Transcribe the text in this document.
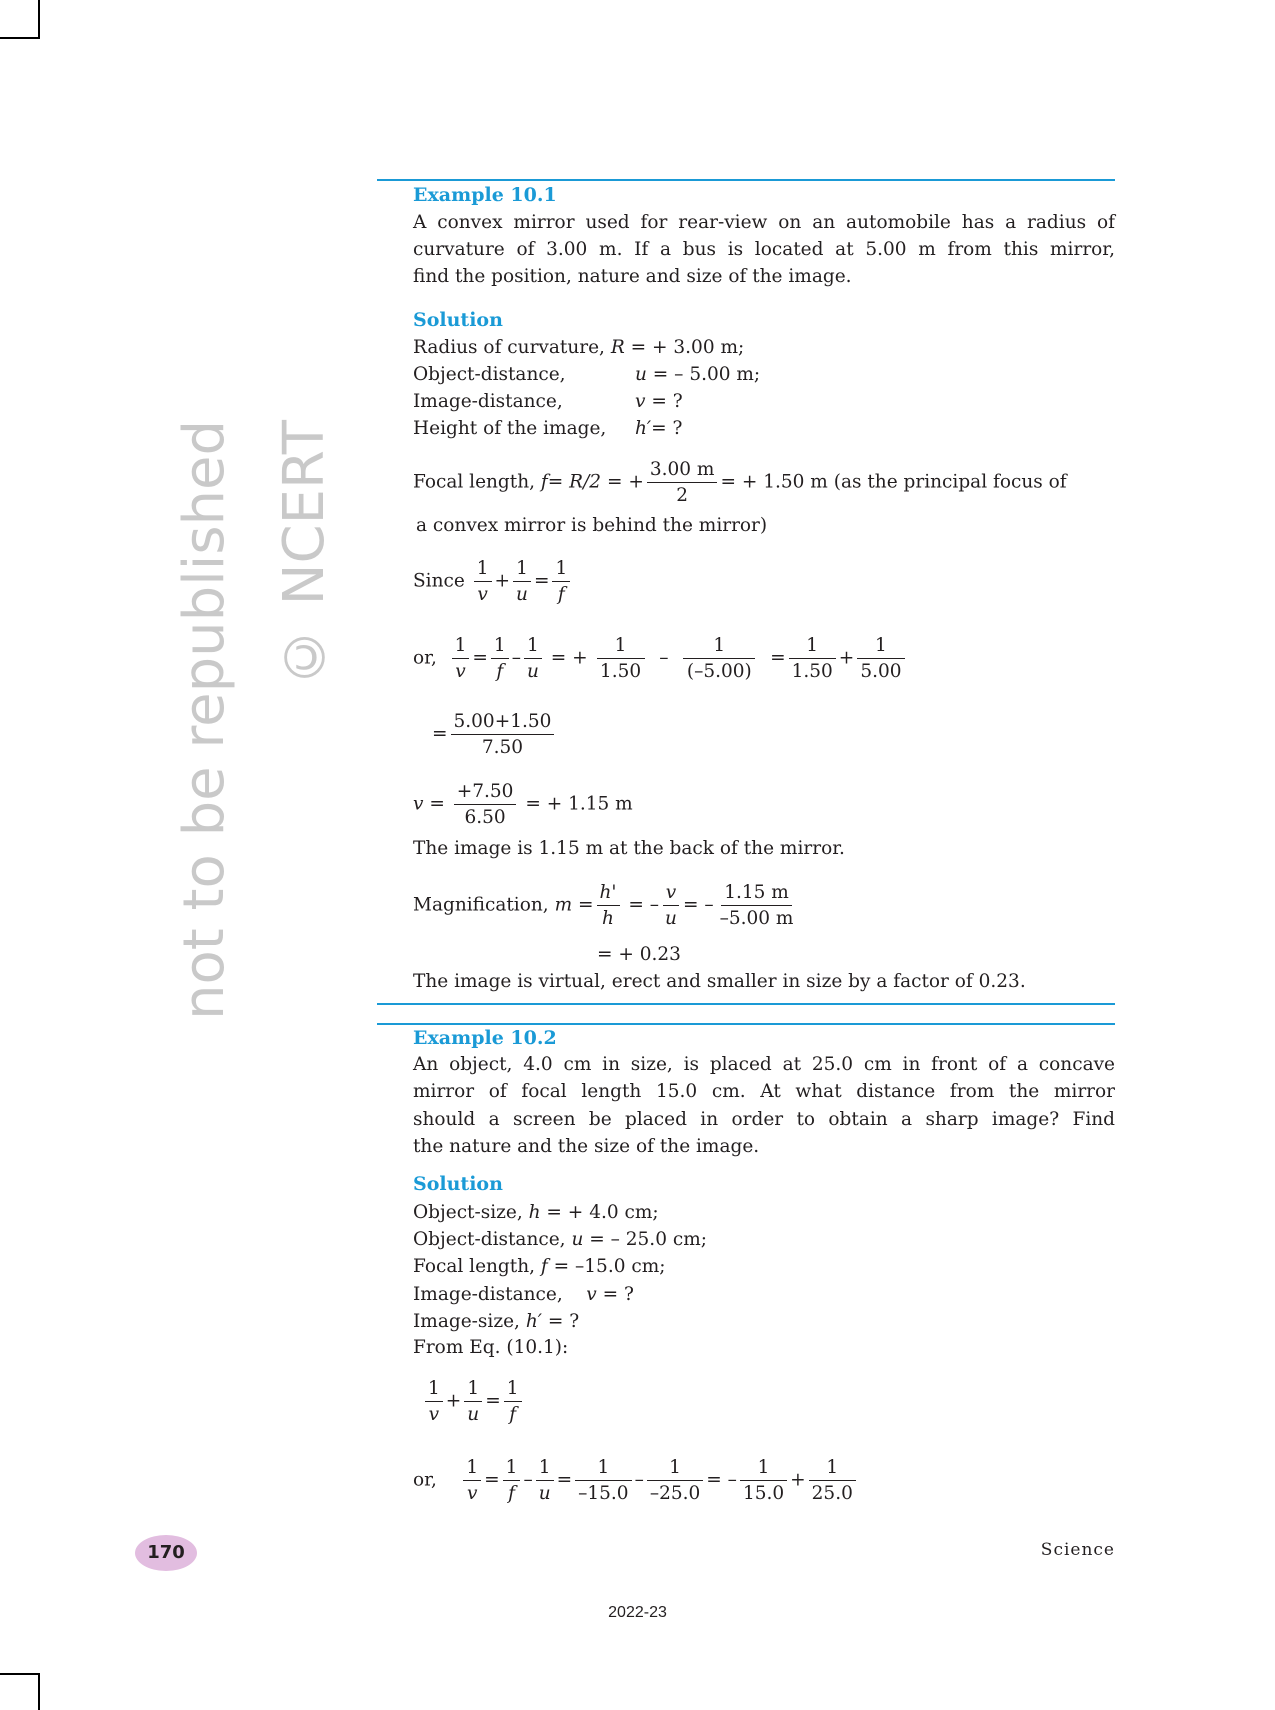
© NCERT
not to be republished
Example 10.1
A convex mirror used for rear-view on an automobile has a radius of
curvature of 3.00 m. If a bus is located at 5.00 m from this mirror,
find the position, nature and size of the image.
Solution
Radius of curvature, R = + 3.00 m;
Object-distance,	u = – 5.00 m;
Image-distance,	v = ?
Height of the image, h′= ?
Focal length, f= R/2 = + $\frac{3.00 m}{2}$ = + 1.50 m (as the principal focus of
a convex mirror is behind the mirror)
Since $\frac{1}{v} + \frac{1}{u} = \frac{1}{f}$
or, $\frac{1}{v} = \frac{1}{f} - \frac{1}{u}$ = + $\frac{1}{1.50} - \frac{1}{(-5.00)} = \frac{1}{1.50} + \frac{1}{5.00}$
= $\frac{5.00+1.50}{7.50}$
$v = \frac{+7.50}{6.50}$ = + 1.15 m
The image is 1.15 m at the back of the mirror.
Magnification, $m = \frac{h'}{h}$ = – $\frac{v}{u}$ = – $\frac{1.15 m}{-5.00 m}$
= + 0.23
The image is virtual, erect and smaller in size by a factor of 0.23.
Example 10.2
An object, 4.0 cm in size, is placed at 25.0 cm in front of a concave
mirror of focal length 15.0 cm. At what distance from the mirror
should a screen be placed in order to obtain a sharp image? Find
the nature and the size of the image.
Solution
Object-size, h = + 4.0 cm;
Object-distance, u = – 25.0 cm;
Focal length, f = –15.0 cm;
Image-distance, v = ?
Image-size, h′ = ?
From Eq. (10.1):
$\frac{1}{v} + \frac{1}{u} = \frac{1}{f}$
or, $\frac{1}{v} = \frac{1}{f} - \frac{1}{u} = \frac{1}{-15.0} - \frac{1}{-25.0}$ = – $\frac{1}{15.0} + \frac{1}{25.0}$
170	Science
2022-23
